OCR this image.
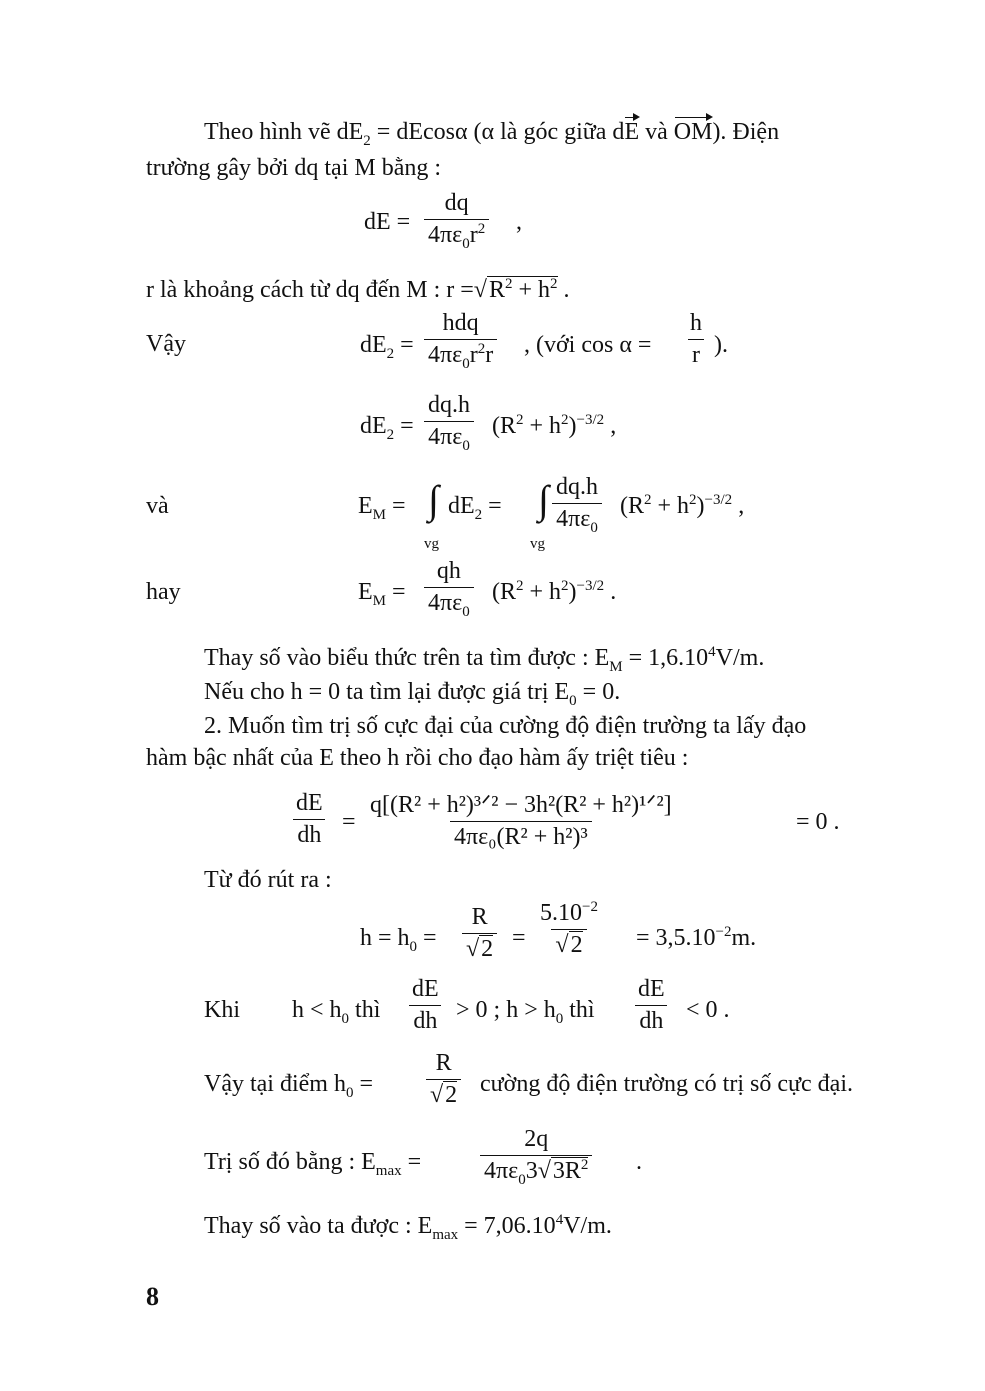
Theo hình vẽ $dE_2 = dEcos\alpha$ (α là góc giữa dE và OM). Điện
trường gây bởi dq tại M bằng :
dE = $\frac{dq}{4\pi\varepsilon_0r^2}$ ,
r là khoảng cách từ dq đến M : $r =√R^2 + h^2$ .
Vậy	$dE_2$ =
hdq
$4\pi\varepsilon_0r^2r$ , (với $\cos \alpha = \frac{h}{r}$ ).
$dE_2 = \frac{dq.h}{4\pi\varepsilon_0} (R^2 + h^2)^{-3/2}$ ,
và	$E_M$ = ∫
vg
$dE_2$ = ∫
vg
$\frac{dq.h}{4\pi\varepsilon_0} (R^2 + h^2)^{-3/2}$ ,
hay	$E_M = \frac{qh}{4\pi\varepsilon_0} (R^2 + h^2)^{-3/2}$ .
Thay số vào biểu thức trên ta tìm được : $E_M = 1,6.10^4V/m$.
Nếu cho h = 0 ta tìm lại được giá trị $E_0 = 0$.
2. Muốn tìm trị số cực đại của cường độ điện trường ta lấy đạo
hàm bậc nhất của E theo h rồi cho đạo hàm ấy triệt tiêu :
$\frac{dE}{dh}$ =
q[(R² + h²)³ᐟ² − 3h²(R² + h²)¹ᐟ²]
4πε₀(R² + h²)³
= 0 .
Từ đó rút ra :
$h = h_0 = \frac{R}{√2} = \frac{5.10^{-2}}{√2} = 3,5.10^{-2}m$.
Khi $h < h_0$ thì $\frac{dE}{dh} > 0$ ; $h > h_0$ thì $\frac{dE}{dh} < 0$ .
Vậy tại điểm $h_0 = \frac{R}{√2}$ cường độ điện trường có trị số cực đại.
Trị số đó bằng : $E_{max} = \frac{2q}{4\pi\varepsilon_03√3R^2}$ .
Thay số vào ta được : $E_{max} = 7,06.10^4V/m$.
8
